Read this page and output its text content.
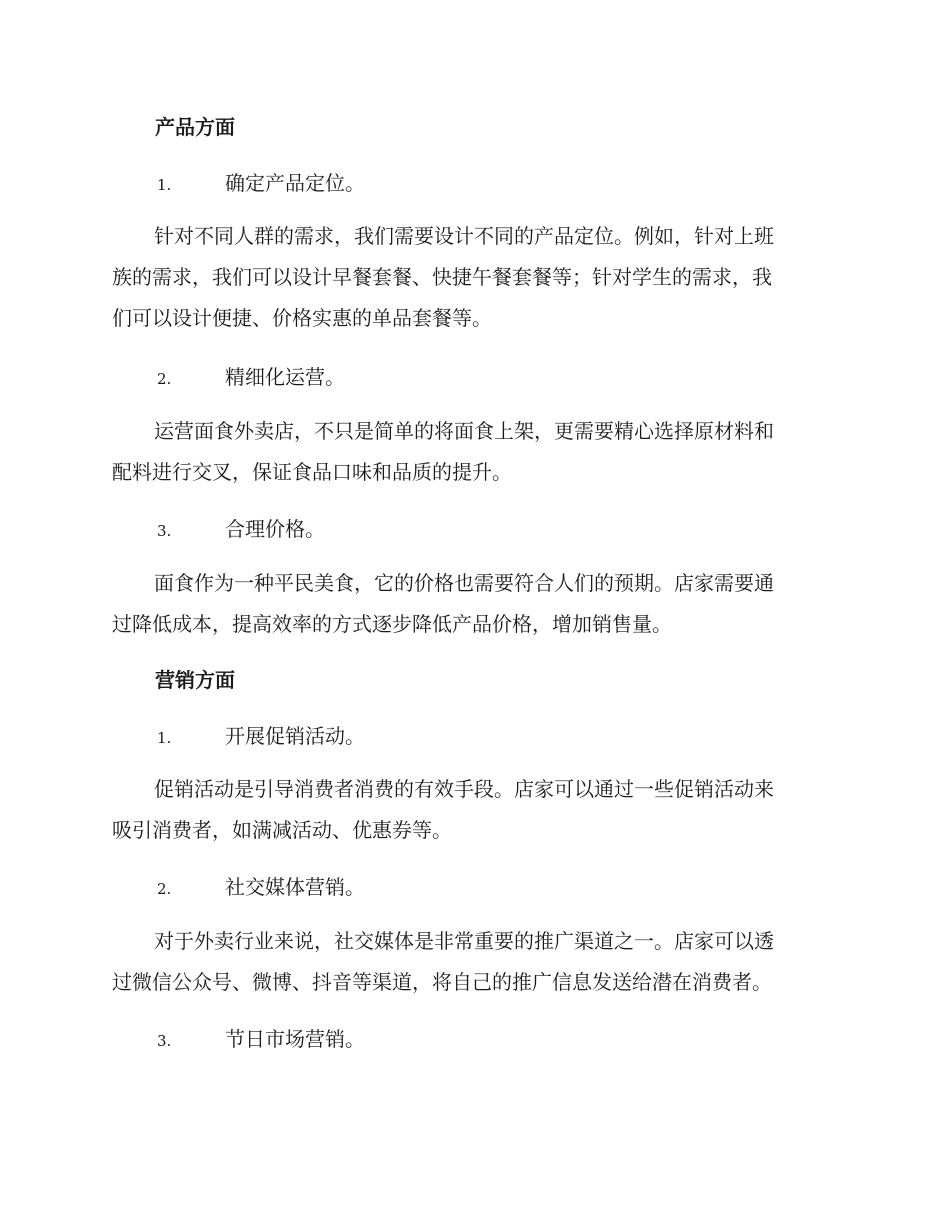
产品方面
1.	确定产品定位。
针对不同人群的需求，我们需要设计不同的产品定位。例如，针对上班
族的需求，我们可以设计早餐套餐、快捷午餐套餐等；针对学生的需求，我
们可以设计便捷、价格实惠的单品套餐等。
2.	精细化运营。
运营面食外卖店，不只是简单的将面食上架，更需要精心选择原材料和
配料进行交叉，保证食品口味和品质的提升。
3.	合理价格。
面食作为一种平民美食，它的价格也需要符合人们的预期。店家需要通
过降低成本，提高效率的方式逐步降低产品价格，增加销售量。
营销方面
1.	开展促销活动。
促销活动是引导消费者消费的有效手段。店家可以通过一些促销活动来
吸引消费者，如满减活动、优惠券等。
2.	社交媒体营销。
对于外卖行业来说，社交媒体是非常重要的推广渠道之一。店家可以透
过微信公众号、微博、抖音等渠道，将自己的推广信息发送给潜在消费者。
3.	节日市场营销。
